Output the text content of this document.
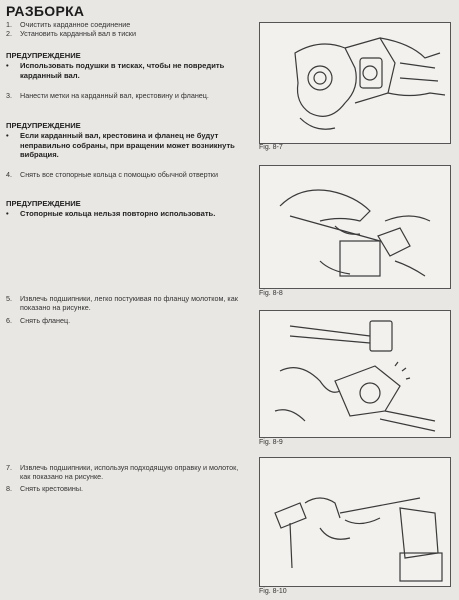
РАЗБОРКА
1. Очистить карданное соединение
2. Установить карданный вал в тиски
ПРЕДУПРЕЖДЕНИЕ
• Использовать подушки в тисках, чтобы не повредить карданный вал.
3. Нанести метки на карданный вал, крестовину и фланец.
ПРЕДУПРЕЖДЕНИЕ
• Если карданный вал, крестовина и фланец не будут неправильно собраны, при вращении может возникнуть вибрация.
4. Снять все стопорные кольца с помощью обычной отвертки
ПРЕДУПРЕЖДЕНИЕ
• Стопорные кольца нельзя повторно использовать.
5. Извлечь подшипники, легко постукивая по фланцу молотком, как показано на рисунке.
6. Снять фланец.
7. Извлечь подшипники, используя подходящую оправку и молоток, как показано на рисунке.
8. Снять крестовины.
Fig. 8-7
Fig. 8-8
Fig. 8-9
Fig. 8-10
